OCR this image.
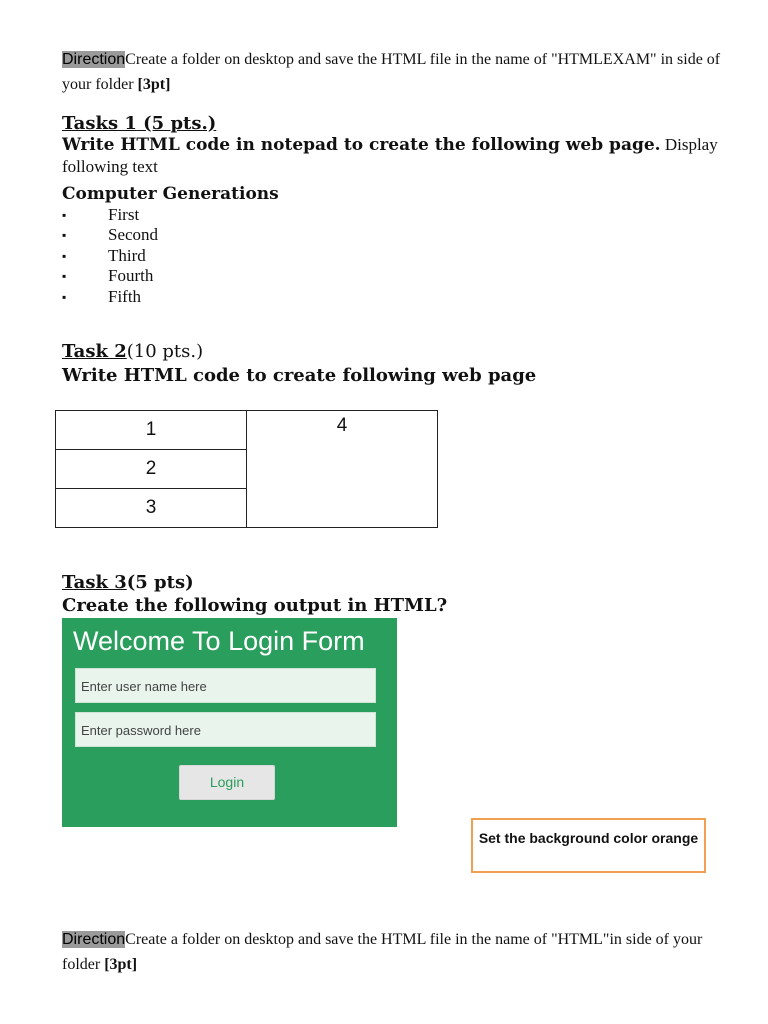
DirectionCreate a folder on desktop and save the HTML file in the name of "HTMLEXAM" in side of your folder [3pt]
Tasks 1 (5 pts.)
Write HTML code in notepad to create the following web page. Display following text
Computer Generations
▪ First
▪ Second
▪ Third
▪ Fourth
▪ Fifth
Task 2(10 pts.)
Write HTML code to create following web page
1	4
2
3
Task 3(5 pts)
Create the following output in HTML?
Welcome To Login Form
Enter user name here
Enter password here
Login
Set the background color orange
DirectionCreate a folder on desktop and save the HTML file in the name of "HTML"in side of your folder [3pt]
